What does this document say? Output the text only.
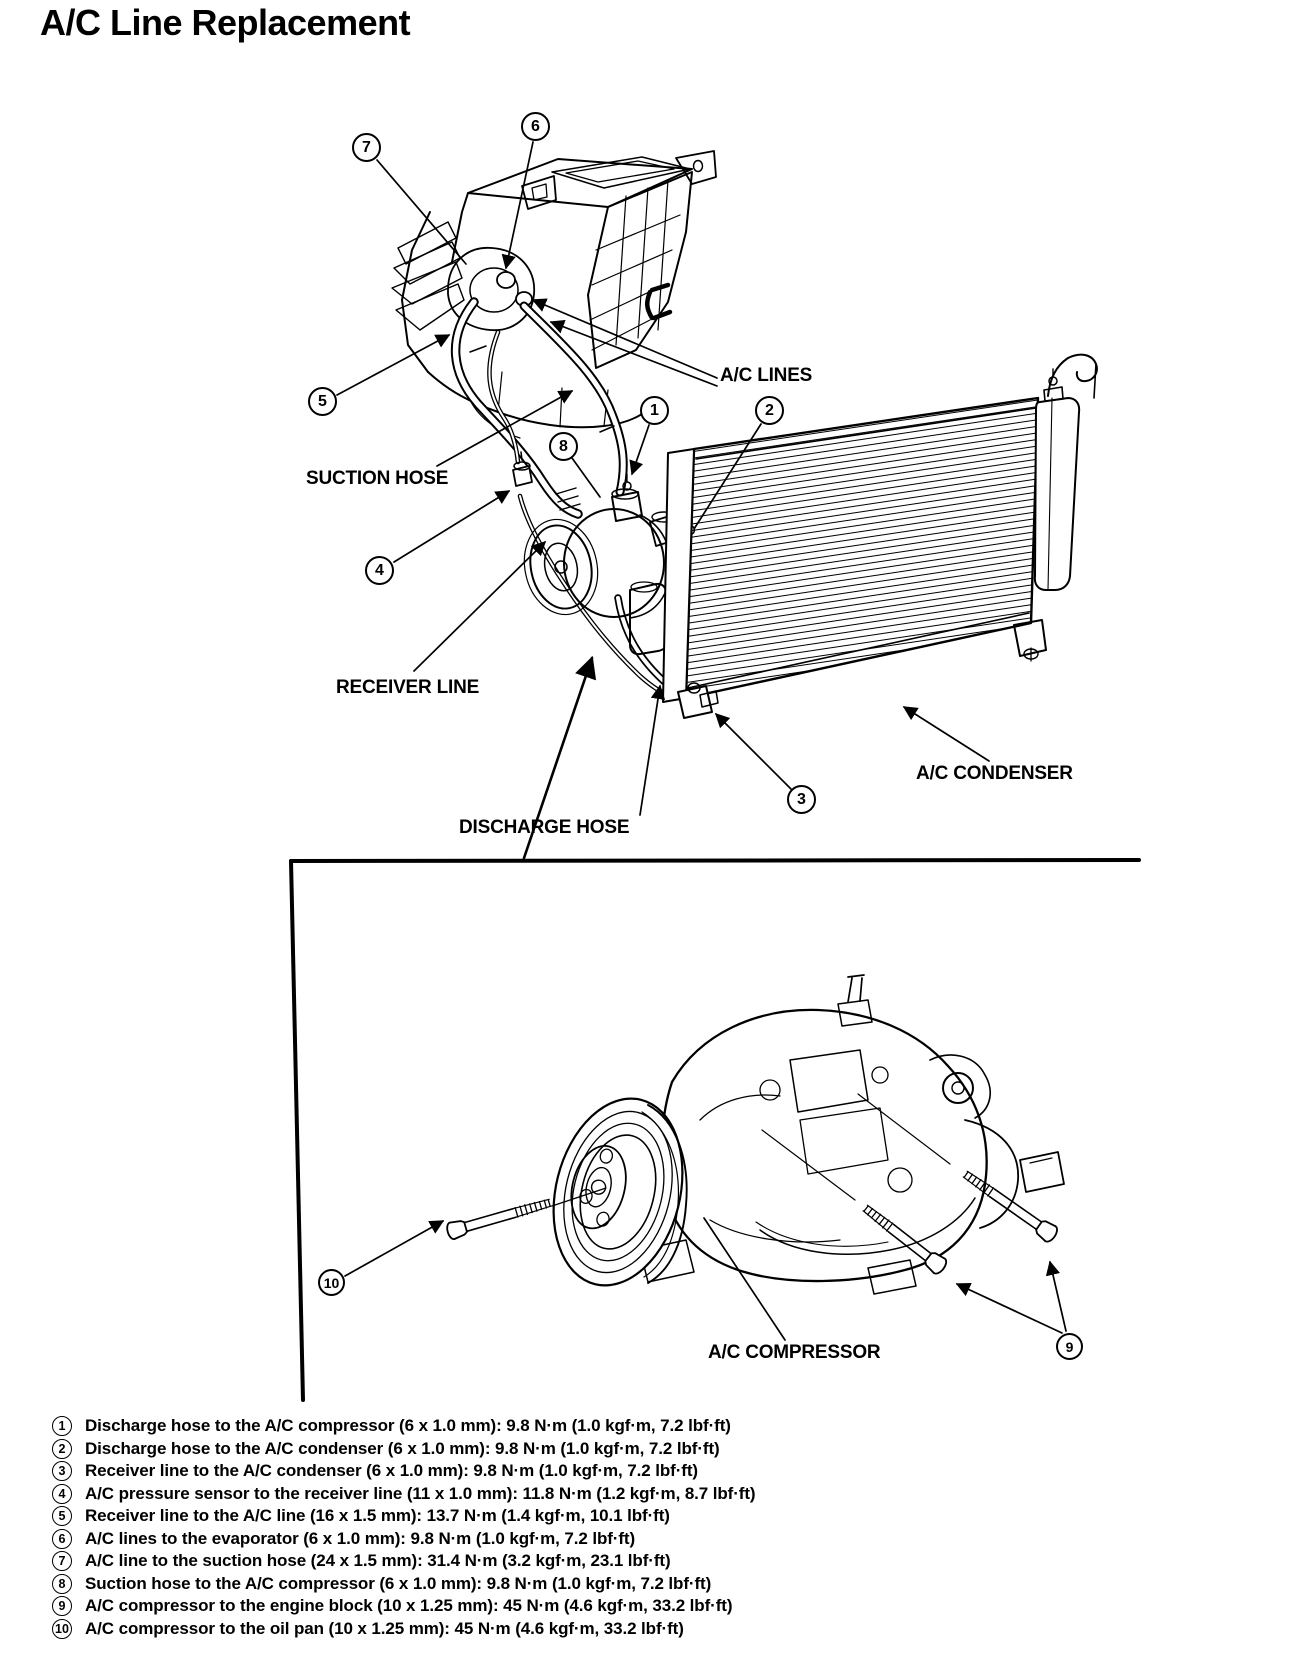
A/C Line Replacement
A/C LINES
SUCTION HOSE
RECEIVER LINE
A/C CONDENSER
DISCHARGE HOSE
A/C COMPRESSOR
7
6
5
1	2
8
4
3
10
9
1	Discharge hose to the A/C compressor (6 x 1.0 mm): 9.8 N·m (1.0 kgf·m, 7.2 lbf·ft)
2	Discharge hose to the A/C condenser (6 x 1.0 mm): 9.8 N·m (1.0 kgf·m, 7.2 lbf·ft)
3	Receiver line to the A/C condenser (6 x 1.0 mm): 9.8 N·m (1.0 kgf·m, 7.2 lbf·ft)
4	A/C pressure sensor to the receiver line (11 x 1.0 mm): 11.8 N·m (1.2 kgf·m, 8.7 lbf·ft)
5	Receiver line to the A/C line (16 x 1.5 mm): 13.7 N·m (1.4 kgf·m, 10.1 lbf·ft)
6	A/C lines to the evaporator (6 x 1.0 mm): 9.8 N·m (1.0 kgf·m, 7.2 lbf·ft)
7	A/C line to the suction hose (24 x 1.5 mm): 31.4 N·m (3.2 kgf·m, 23.1 lbf·ft)
8	Suction hose to the A/C compressor (6 x 1.0 mm): 9.8 N·m (1.0 kgf·m, 7.2 lbf·ft)
9	A/C compressor to the engine block (10 x 1.25 mm): 45 N·m (4.6 kgf·m, 33.2 lbf·ft)
10 A/C compressor to the oil pan (10 x 1.25 mm): 45 N·m (4.6 kgf·m, 33.2 lbf·ft)
